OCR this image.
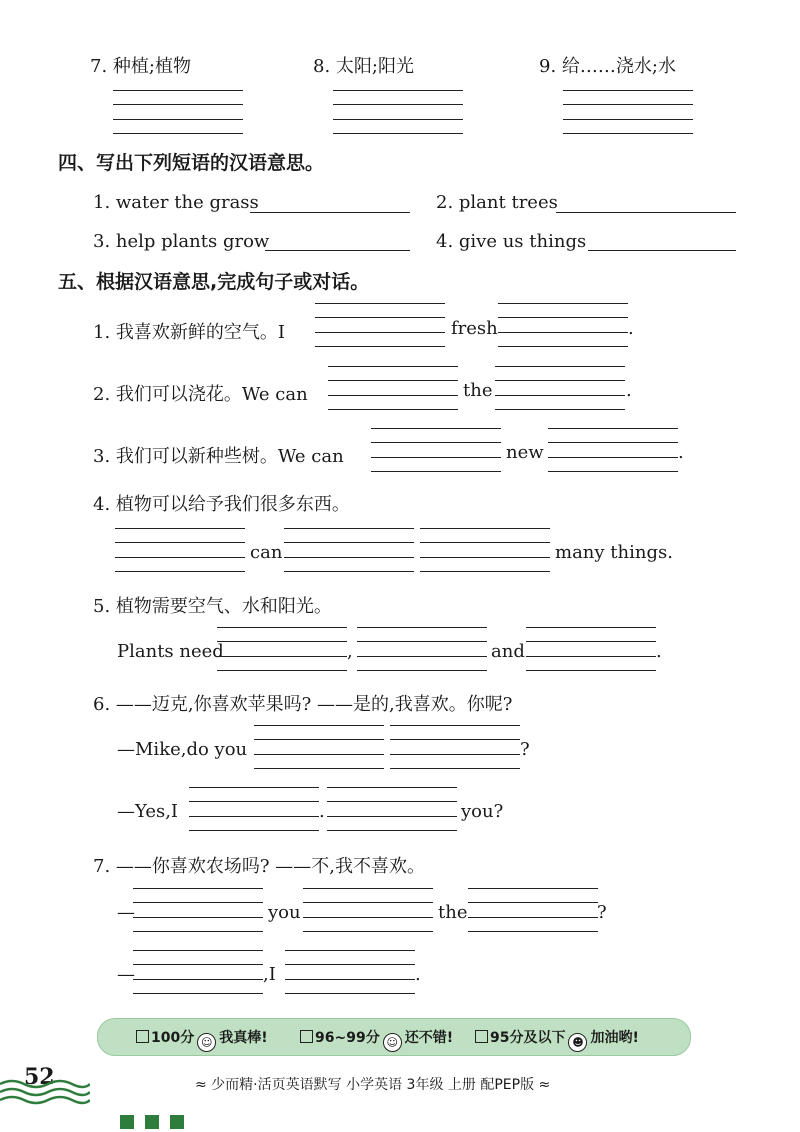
7. 种植;植物	8. 太阳;阳光	9. 给……浇水;水
四、写出下列短语的汉语意思。
1. water the grass	2. plant trees
3. help plants grow	4. give us things
五、根据汉语意思,完成句子或对话。
1. 我喜欢新鲜的空气。I	fresh	.
2. 我们可以浇花。We can	the	.
3. 我们可以新种些树。We can	new	.
4. 植物可以给予我们很多东西。
can	many things.
5. 植物需要空气、水和阳光。
Plants need	,	and	.
6. ——迈克,你喜欢苹果吗? ——是的,我喜欢。你呢?
—Mike,do you	?
—Yes,I	.	you?
7. ——你喜欢农场吗? ——不,我不喜欢。
—	you	the	?
—	,I	.
100分 ☺ 我真棒!	96~99分 ☺ 还不错!	95分及以下 ☻ 加油哟!
52	≈ 少而精·活页英语默写 小学英语 3年级 上册 配PEP版 ≈
